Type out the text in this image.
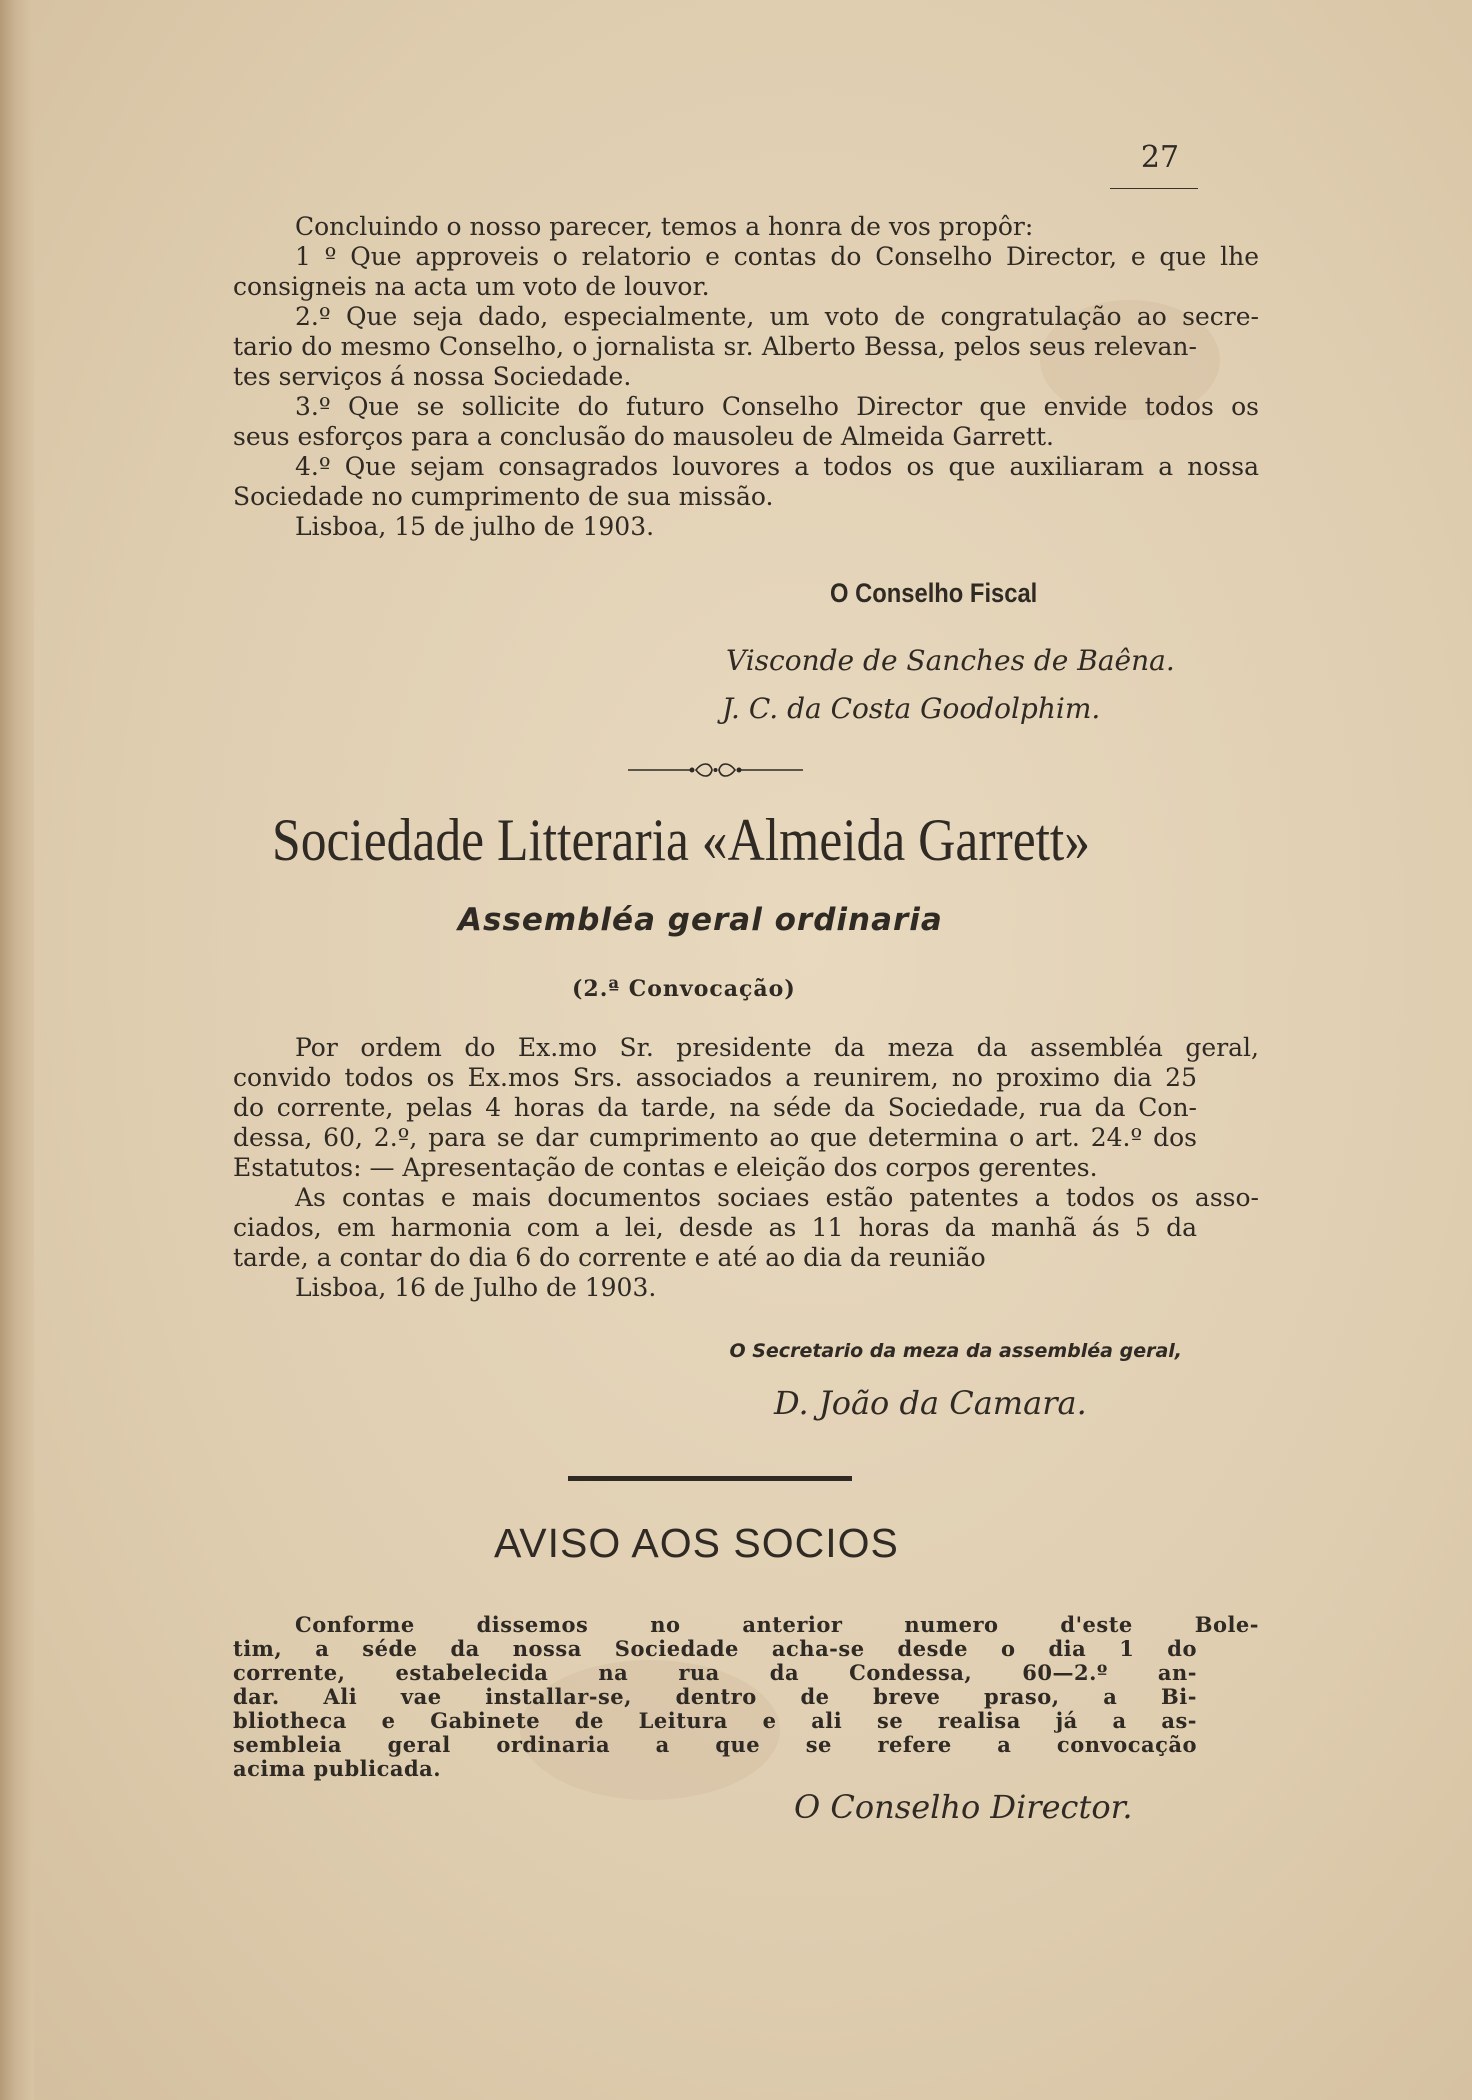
27

Concluindo o nosso parecer, temos a honra de vos propôr:

1 º Que approveis o relatorio e contas do Conselho Director, e que lhe

consigneis na acta um voto de louvor.

2.º Que seja dado, especialmente, um voto de congratulação ao secre-

tario do mesmo Conselho, o jornalista sr. Alberto Bessa, pelos seus relevan-

tes serviços á nossa Sociedade.

3.º Que se sollicite do futuro Conselho Director que envide todos os

seus esforços para a conclusão do mausoleu de Almeida Garrett.

4.º Que sejam consagrados louvores a todos os que auxiliaram a nossa

Sociedade no cumprimento de sua missão.

Lisboa, 15 de julho de 1903.

O Conselho Fiscal
Visconde de Sanches de Baêna.
J. C. da Costa Goodolphim.
Sociedade Litteraria «Almeida Garrett»
Assembléa geral ordinaria
(2.ª Convocação)

Por ordem do Ex.mo Sr. presidente da meza da assembléa geral,

convido todos os Ex.mos Srs. associados a reunirem, no proximo dia 25

do corrente, pelas 4 horas da tarde, na séde da Sociedade, rua da Con-

dessa, 60, 2.º, para se dar cumprimento ao que determina o art. 24.º dos

Estatutos: — Apresentação de contas e eleição dos corpos gerentes.

As contas e mais documentos sociaes estão patentes a todos os asso-

ciados, em harmonia com a lei, desde as 11 horas da manhã ás 5 da

tarde, a contar do dia 6 do corrente e até ao dia da reunião

Lisboa, 16 de Julho de 1903.

O Secretario da meza da assembléa geral,
D. João da Camara.
AVISO AOS SOCIOS

Conforme dissemos no anterior numero d'este Bole-

tim, a séde da nossa Sociedade acha-se desde o dia 1 do

corrente, estabelecida na rua da Condessa, 60—2.º an-

dar. Ali vae installar-se, dentro de breve praso, a Bi-

bliotheca e Gabinete de Leitura e ali se realisa já a as-

sembleia geral ordinaria a que se refere a convocação

acima publicada.

O Conselho Director.
